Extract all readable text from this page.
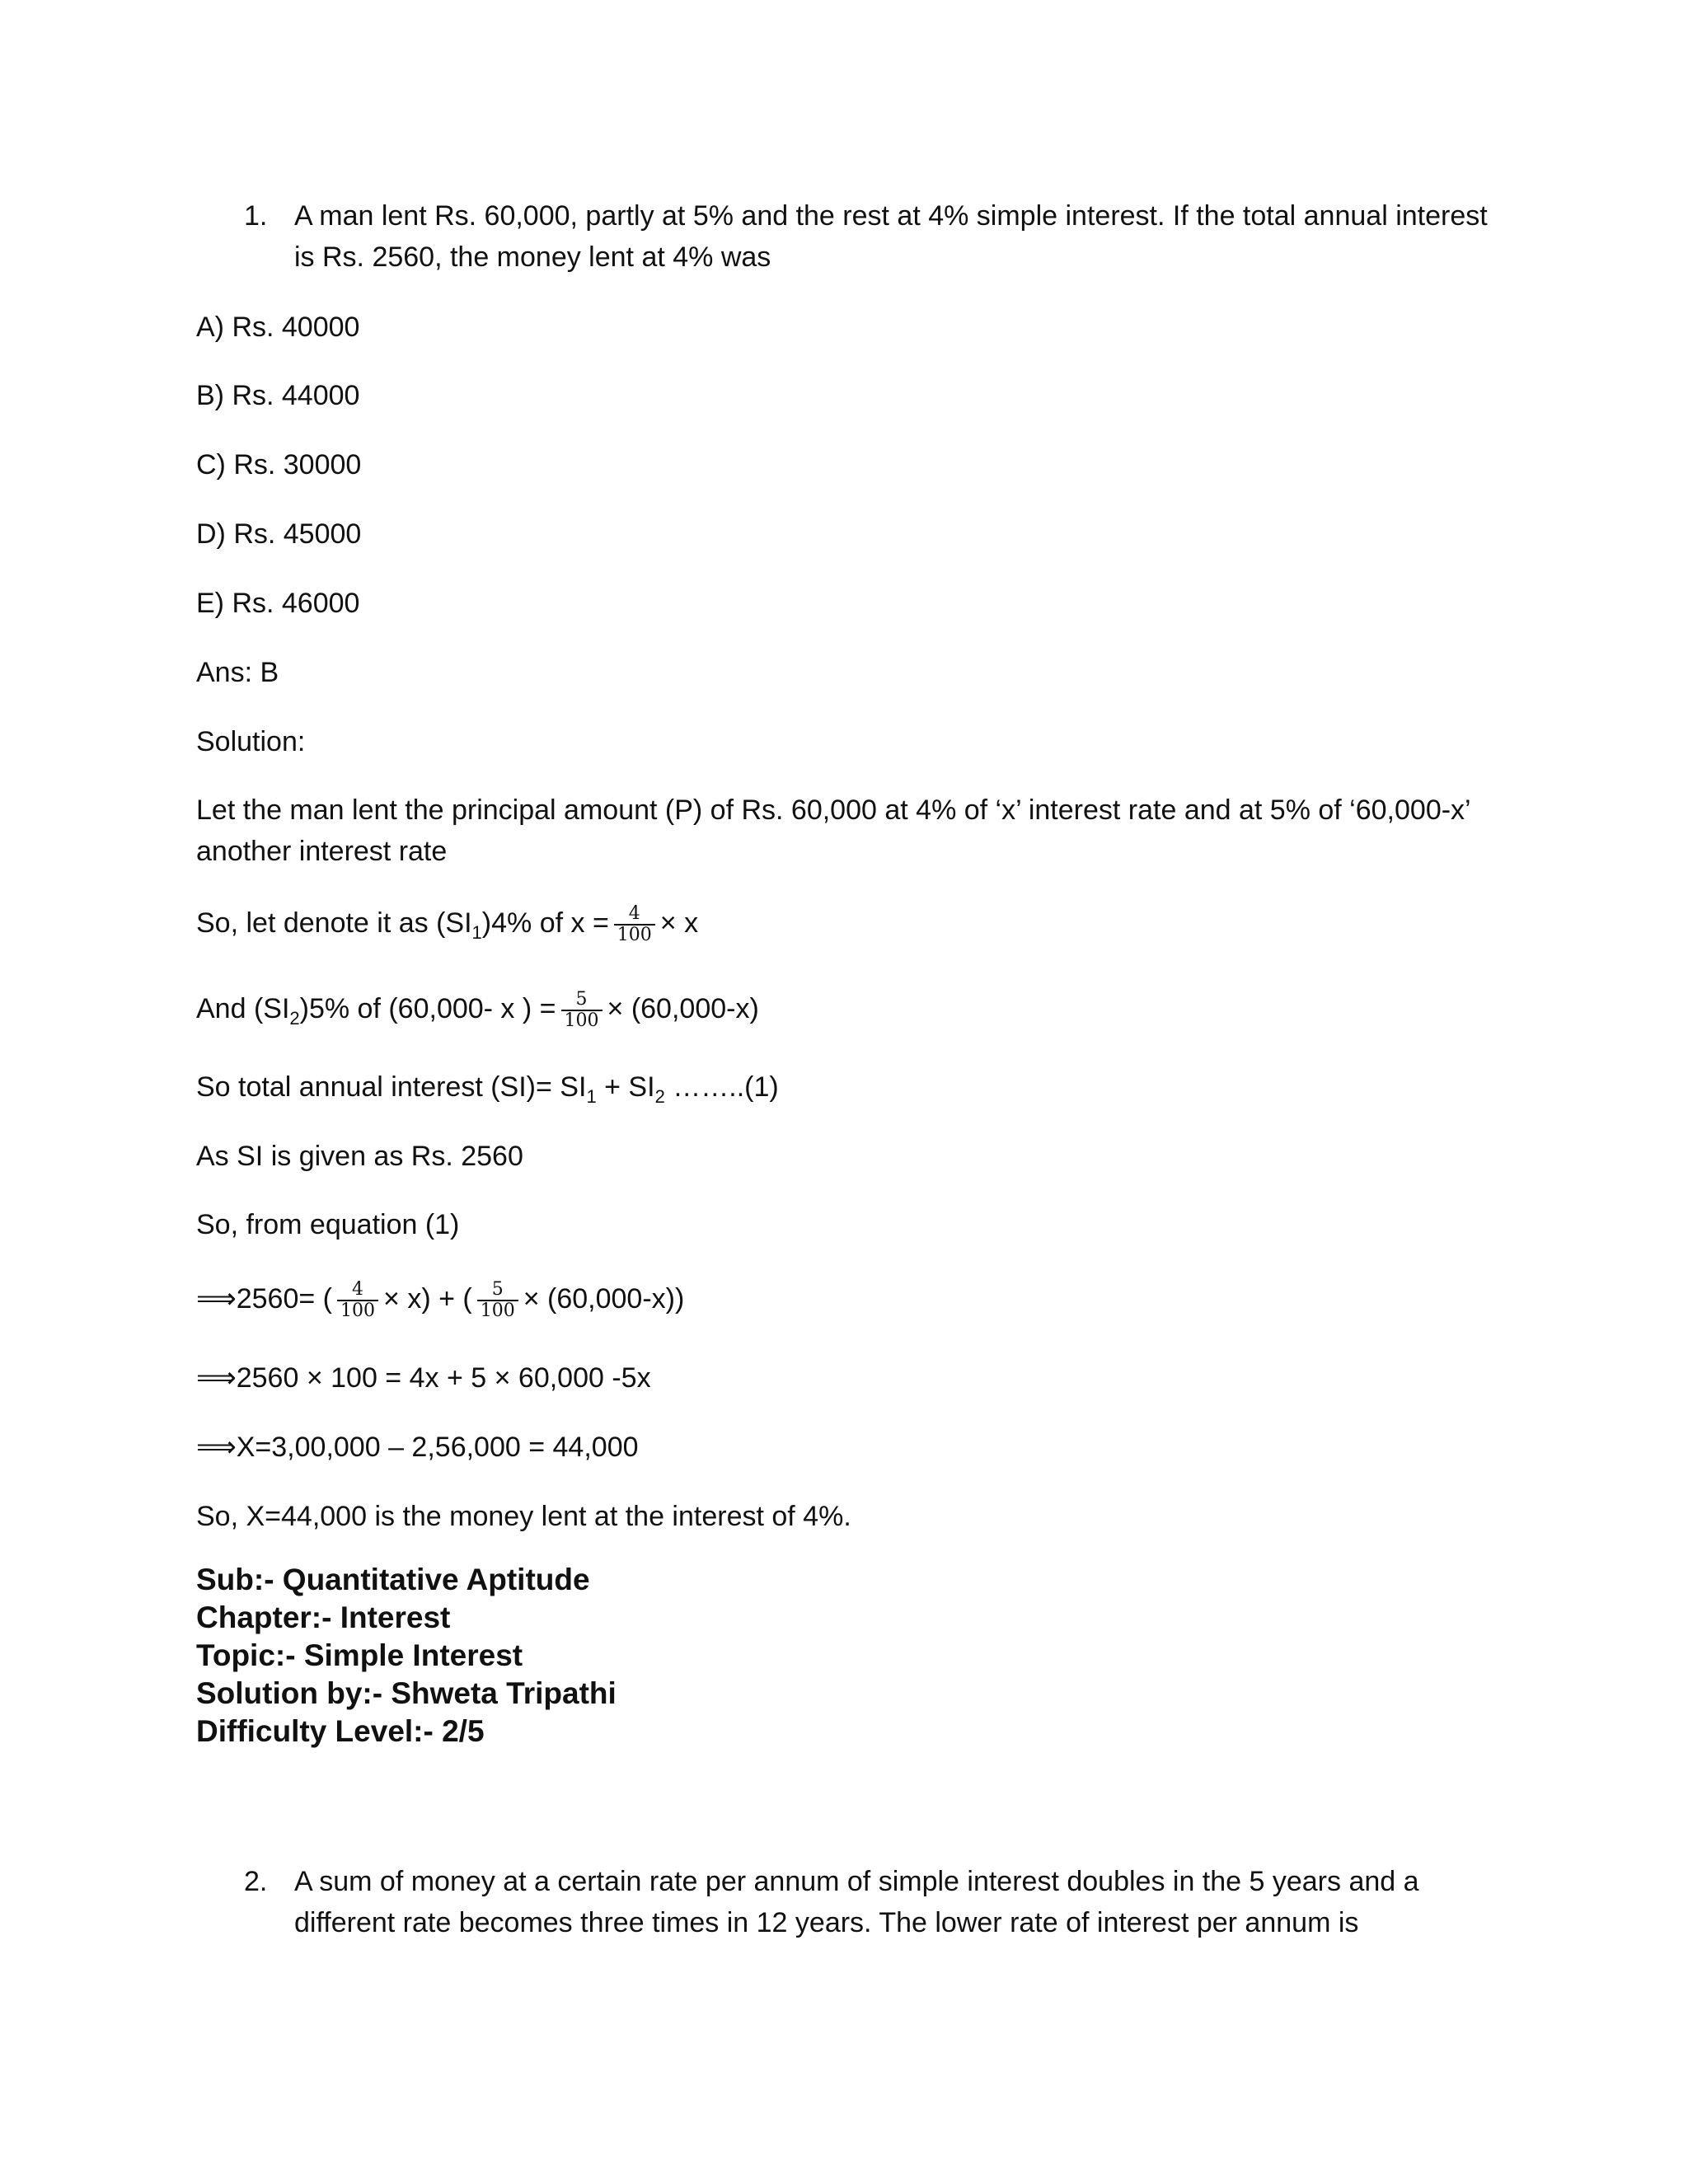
1. A man lent Rs. 60,000, partly at 5% and the rest at 4% simple interest. If the total annual interest
is Rs. 2560, the money lent at 4% was
A) Rs. 40000
B) Rs. 44000
C) Rs. 30000
D) Rs. 45000
E) Rs. 46000
Ans: B
Solution:
Let the man lent the principal amount (P) of Rs. 60,000 at 4% of ‘x’ interest rate and at 5% of ‘60,000-x’
another interest rate
So, let denote it as $(SI_1)4\%$ of $x = \frac{4}{100} \times x$
And $(SI_2)5\%$ of (60,000- x ) = $\frac{5}{100} \times (60,000-x)$
So total annual interest $(SI)= SI_1 + SI_2$ ……..(1)
As SI is given as Rs. 2560
So, from equation (1)
⟹2560= ( $\frac{4}{100} \times x$) + ( $\frac{5}{100} \times (60,000-x)$)
⟹2560 × 100 = 4x + 5 × 60,000 -5x
⟹X=3,00,000 – 2,56,000 = 44,000
So, X=44,000 is the money lent at the interest of 4%.
Sub:- Quantitative Aptitude
Chapter:- Interest
Topic:- Simple Interest
Solution by:- Shweta Tripathi
Difficulty Level:- 2/5
2. A sum of money at a certain rate per annum of simple interest doubles in the 5 years and a
different rate becomes three times in 12 years. The lower rate of interest per annum is
